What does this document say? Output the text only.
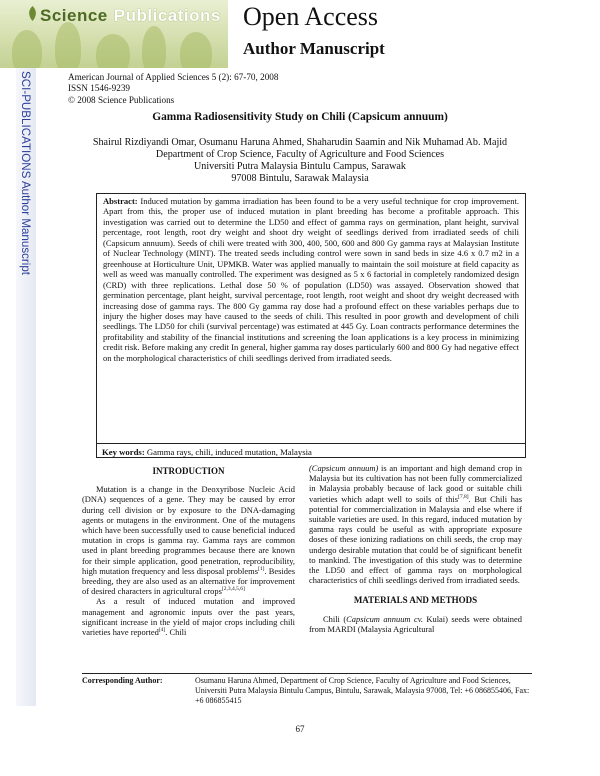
Science Publications Open Access
Author Manuscript
SCI-PUBLICATIONS Author Manuscript	American Journal of Applied Sciences 5 (2): 67-70, 2008
ISSN 1546-9239
© 2008 Science Publications
Gamma Radiosensitivity Study on Chili (Capsicum annuum)
Shairul Rizdiyandi Omar, Osumanu Haruna Ahmed, Shaharudin Saamin and Nik Muhamad Ab. Majid
Department of Crop Science, Faculty of Agriculture and Food Sciences
Universiti Putra Malaysia Bintulu Campus, Sarawak
97008 Bintulu, Sarawak Malaysia
Abstract: Induced mutation by gamma irradiation has been found to be a very useful technique for crop improvement. Apart from this, the proper use of induced mutation in plant breeding has become a profitable approach. This investigation was carried out to determine the LD50 and effect of gamma rays on germination, plant height, survival percentage, root length, root dry weight and shoot dry weight of seedlings derived from irradiated seeds of chili (Capsicum annuum). Seeds of chili were treated with 300, 400, 500, 600 and 800 Gy gamma rays at Malaysian Institute of Nuclear Technology (MINT). The treated seeds including control were sown in sand beds in size 4.6 x 0.7 m2 in a greenhouse at Horticulture Unit, UPMKB. Water was applied manually to maintain the soil moisture at field capacity as well as weed was manually controlled. The experiment was designed as 5 x 6 factorial in completely randomized design (CRD) with three replications. Lethal dose 50 % of population (LD50) was assayed. Observation showed that germination percentage, plant height, survival percentage, root length, root weight and shoot dry weight decreased with increasing dose of gamma rays. The 800 Gy gamma ray dose had a profound effect on these variables perhaps due to injury the higher doses may have caused to the seeds of chili. This resulted in poor growth and development of chili seedlings. The LD50 for chili (survival percentage) was estimated at 445 Gy. Loan contracts performance determines the profitability and stability of the financial institutions and screening the loan applications is a key process in minimizing credit risk. Before making any credit In general, higher gamma ray doses particularly 600 and 800 Gy had negative effect on the morphological characteristics of chili seedlings derived from irradiated seeds.
Key words: Gamma rays, chili, induced mutation, Malaysia
INTRODUCTION

Mutation is a change in the Deoxyribose Nucleic Acid (DNA) sequences of a gene. They may be caused by error during cell division or by exposure to the DNA-damaging agents or mutagens in the environment. One of the mutagens which have been successfully used to cause beneficial induced mutation in crops is gamma ray. Gamma rays are common used in plant breeding programmes because there are known for their simple application, good penetration, reproducibility, high mutation frequency and less disposal problems[1]. Besides breeding, they are also used as an alternative for improvement of desired characters in agricultural crops[2,3,4,5,6]

As a result of induced mutation and improved management and agronomic inputs over the past years, significant increase in the yield of major crops including chili varieties have reported[4]. Chili

(Capsicum annuum) is an important and high demand crop in Malaysia but its cultivation has not been fully commercialized in Malaysia probably because of lack good or suitable chili varieties which adapt well to soils of this[7,8]. But Chili has potential for commercialization in Malaysia and else where if suitable varieties are used. In this regard, induced mutation by gamma rays could be useful as with appropriate exposure doses of these ionizing radiations on chili seeds, the crop may undergo desirable mutation that could be of significant benefit to mankind. The investigation of this study was to determine the LD50 and effect of gamma rays on morphological characteristics of chili seedlings derived from irradiated seeds.

MATERIALS AND METHODS

Chili (Capsicum annuum cv. Kulai) seeds were obtained from MARDI (Malaysia Agricultural

Corresponding Author:	Osumanu Haruna Ahmed, Department of Crop Science, Faculty of Agriculture and Food Sciences, Universiti Putra Malaysia Bintulu Campus, Bintulu, Sarawak, Malaysia 97008, Tel: +6 086855406, Fax: +6 086855415
67
